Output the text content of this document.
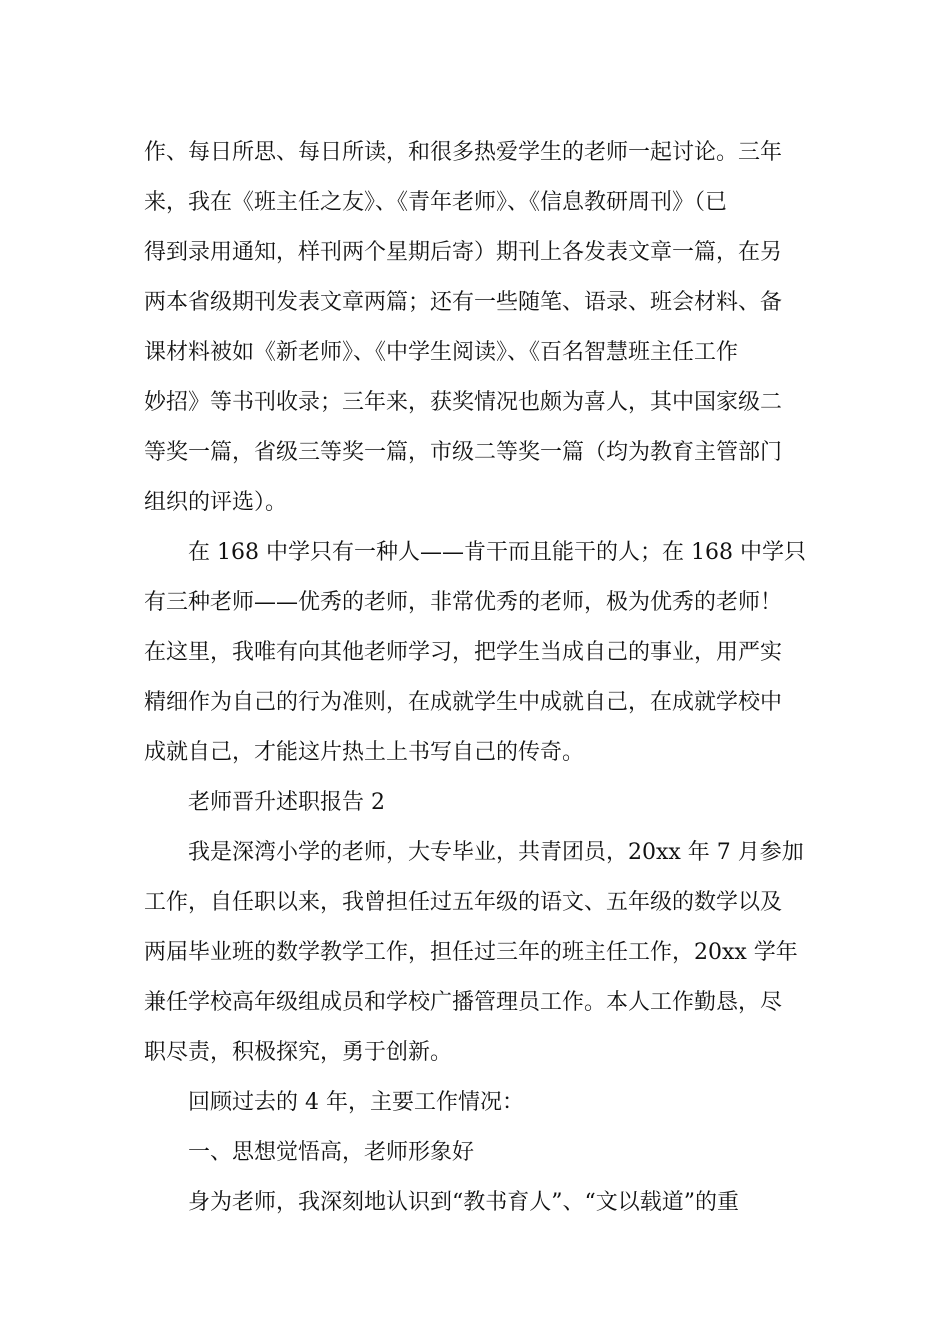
作、每日所思、每日所读，和很多热爱学生的老师一起讨论。三年
来，我在《班主任之友》、《青年老师》、《信息教研周刊》（已
得到录用通知，样刊两个星期后寄）期刊上各发表文章一篇，在另
两本省级期刊发表文章两篇；还有一些随笔、语录、班会材料、备
课材料被如《新老师》、《中学生阅读》、《百名智慧班主任工作
妙招》等书刊收录；三年来，获奖情况也颇为喜人，其中国家级二
等奖一篇，省级三等奖一篇，市级二等奖一篇（均为教育主管部门
组织的评选）。
在 168 中学只有一种人——肯干而且能干的人；在 168 中学只
有三种老师——优秀的老师，非常优秀的老师，极为优秀的老师！
在这里，我唯有向其他老师学习，把学生当成自己的事业，用严实
精细作为自己的行为准则，在成就学生中成就自己，在成就学校中
成就自己，才能这片热土上书写自己的传奇。
老师晋升述职报告 2
我是深湾小学的老师，大专毕业，共青团员，20xx 年 7 月参加
工作，自任职以来，我曾担任过五年级的语文、五年级的数学以及
两届毕业班的数学教学工作，担任过三年的班主任工作，20xx 学年
兼任学校高年级组成员和学校广播管理员工作。本人工作勤恳，尽
职尽责，积极探究，勇于创新。
回顾过去的 4 年，主要工作情况：
一、思想觉悟高，老师形象好
身为老师，我深刻地认识到“教书育人”、“文以载道”的重
